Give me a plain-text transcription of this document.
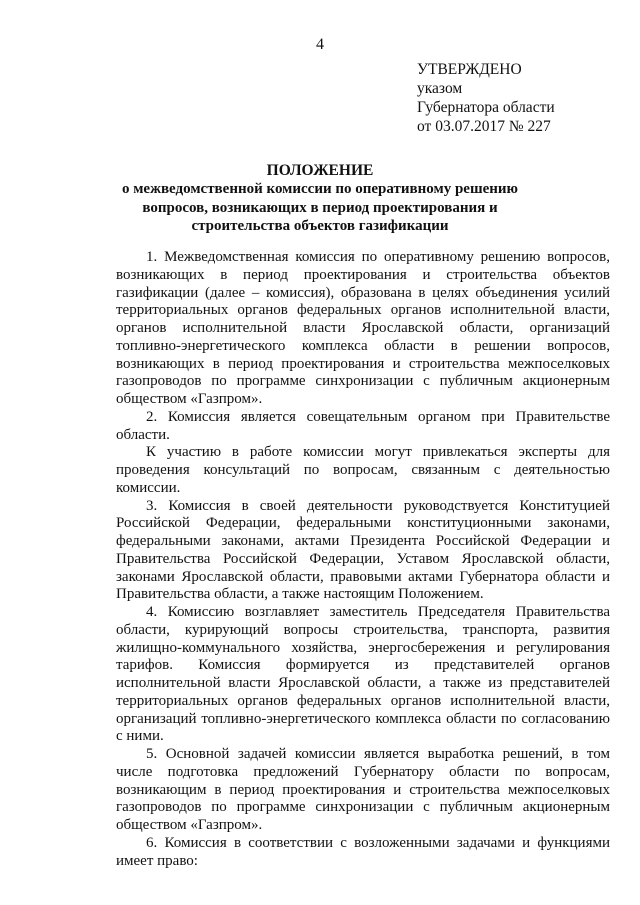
4
УТВЕРЖДЕНО
указом
Губернатора области
от 03.07.2017 № 227
ПОЛОЖЕНИЕ
о межведомственной комиссии по оперативному решению вопросов, возникающих в период проектирования и строительства объектов газификации

1. Межведомственная комиссия по оперативному решению вопросов, возникающих в период проектирования и строительства объектов газификации (далее – комиссия), образована в целях объединения усилий территориальных органов федеральных органов исполнительной власти, органов исполнительной власти Ярославской области, организаций топливно-энергетического комплекса области в решении вопросов, возникающих в период проектирования и строительства межпоселковых газопроводов по программе синхронизации с публичным акционерным обществом «Газпром».

2. Комиссия является совещательным органом при Правительстве области.

К участию в работе комиссии могут привлекаться эксперты для проведения консультаций по вопросам, связанным с деятельностью комиссии.

3. Комиссия в своей деятельности руководствуется Конституцией Российской Федерации, федеральными конституционными законами, федеральными законами, актами Президента Российской Федерации и Правительства Российской Федерации, Уставом Ярославской области, законами Ярославской области, правовыми актами Губернатора области и Правительства области, а также настоящим Положением.

4. Комиссию возглавляет заместитель Председателя Правительства области, курирующий вопросы строительства, транспорта, развития жилищно-коммунального хозяйства, энергосбережения и регулирования тарифов. Комиссия формируется из представителей органов исполнительной власти Ярославской области, а также из представителей территориальных органов федеральных органов исполнительной власти, организаций топливно-энергетического комплекса области по согласованию с ними.

5. Основной задачей комиссии является выработка решений, в том числе подготовка предложений Губернатору области по вопросам, возникающим в период проектирования и строительства межпоселковых газопроводов по программе синхронизации с публичным акционерным обществом «Газпром».

6. Комиссия в соответствии с возложенными задачами и функциями имеет право:
